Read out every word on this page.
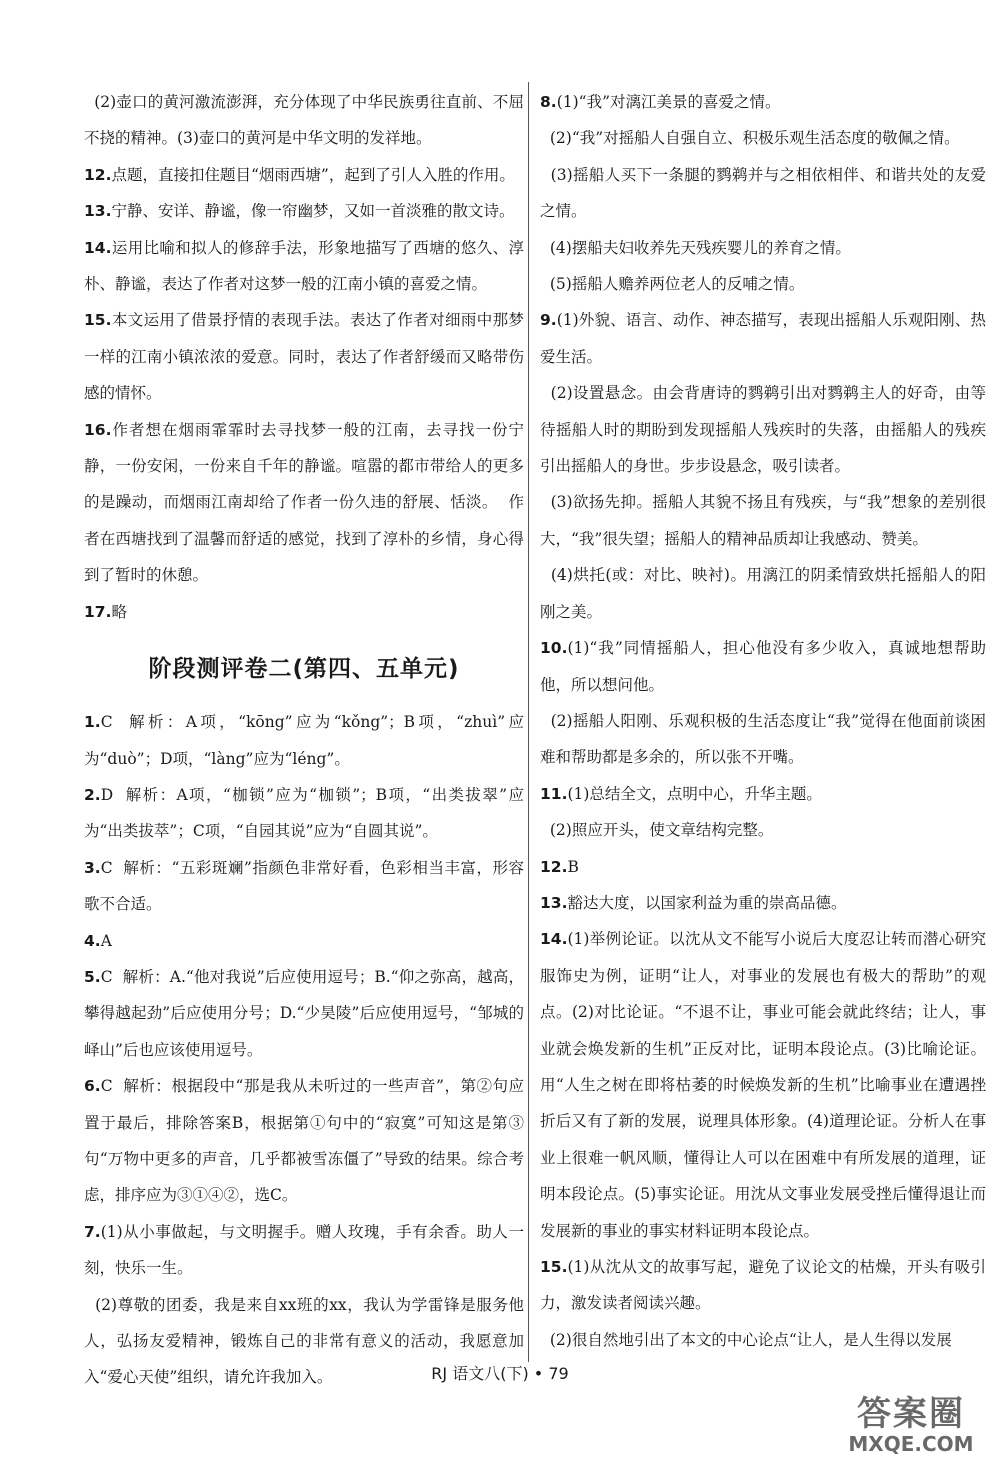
(2)壶口的黄河激流澎湃，充分体现了中华民族勇往直前、不屈不挠的精神。(3)壶口的黄河是中华文明的发祥地。

12.点题，直接扣住题目“烟雨西塘”，起到了引人入胜的作用。

13.宁静、安详、静谧，像一帘幽梦，又如一首淡雅的散文诗。

14.运用比喻和拟人的修辞手法，形象地描写了西塘的悠久、淳朴、静谧，表达了作者对这梦一般的江南小镇的喜爱之情。

15.本文运用了借景抒情的表现手法。表达了作者对细雨中那梦一样的江南小镇浓浓的爱意。同时，表达了作者舒缓而又略带伤感的情怀。

16.作者想在烟雨霏霏时去寻找梦一般的江南，去寻找一份宁静，一份安闲，一份来自千年的静谧。喧嚣的都市带给人的更多的是躁动，而烟雨江南却给了作者一份久违的舒展、恬淡。  作者在西塘找到了温馨而舒适的感觉，找到了淳朴的乡情，身心得到了暂时的休憩。

17.略

阶段测评卷二(第四、五单元)

1.C  解析：A项，“kōng”应为“kǒng”；B项，“zhuì”应为“duò”；D项，“làng”应为“léng”。

2.D  解析：A项，“枷锁”应为“枷锁”；B项，“出类拔翠”应为“出类拔萃”；C项，“自园其说”应为“自圆其说”。

3.C  解析：“五彩斑斓”指颜色非常好看，色彩相当丰富，形容歌不合适。

4.A

5.C  解析：A.“他对我说”后应使用逗号；B.“仰之弥高，越高，攀得越起劲”后应使用分号；D.“少昊陵”后应使用逗号，“邹城的峄山”后也应该使用逗号。

6.C  解析：根据段中“那是我从未听过的一些声音”，第②句应置于最后，排除答案B，根据第①句中的“寂寞”可知这是第③句“万物中更多的声音，几乎都被雪冻僵了”导致的结果。综合考虑，排序应为③①④②，选C。

7.(1)从小事做起，与文明握手。赠人玫瑰，手有余香。助人一刻，快乐一生。

(2)尊敬的团委，我是来自xx班的xx，我认为学雷锋是服务他人，弘扬友爱精神，锻炼自己的非常有意义的活动，我愿意加入“爱心天使”组织，请允许我加入。

8.(1)“我”对漓江美景的喜爱之情。

(2)“我”对摇船人自强自立、积极乐观生活态度的敬佩之情。

(3)摇船人买下一条腿的鹨鹈并与之相依相伴、和谐共处的友爱之情。

(4)摆船夫妇收养先天残疾婴儿的养育之情。

(5)摇船人赡养两位老人的反哺之情。

9.(1)外貌、语言、动作、神态描写，表现出摇船人乐观阳刚、热爱生活。

(2)设置悬念。由会背唐诗的鹨鹈引出对鹨鹈主人的好奇，由等待摇船人时的期盼到发现摇船人残疾时的失落，由摇船人的残疾引出摇船人的身世。步步设悬念，吸引读者。

(3)欲扬先抑。摇船人其貌不扬且有残疾，与“我”想象的差别很大，“我”很失望；摇船人的精神品质却让我感动、赞美。

(4)烘托(或：对比、映衬)。用漓江的阴柔情致烘托摇船人的阳刚之美。

10.(1)“我”同情摇船人，担心他没有多少收入，真诚地想帮助他，所以想问他。

(2)摇船人阳刚、乐观积极的生活态度让“我”觉得在他面前谈困难和帮助都是多余的，所以张不开嘴。

11.(1)总结全文，点明中心，升华主题。

(2)照应开头，使文章结构完整。

12.B

13.豁达大度，以国家利益为重的崇高品德。

14.(1)举例论证。以沈从文不能写小说后大度忍让转而潜心研究服饰史为例，证明“让人，对事业的发展也有极大的帮助”的观点。(2)对比论证。“不退不让，事业可能会就此终结；让人，事业就会焕发新的生机”正反对比，证明本段论点。(3)比喻论证。用“人生之树在即将枯萎的时候焕发新的生机”比喻事业在遭遇挫折后又有了新的发展，说理具体形象。(4)道理论证。分析人在事业上很难一帆风顺，懂得让人可以在困难中有所发展的道理，证明本段论点。(5)事实论证。用沈从文事业发展受挫后懂得退让而发展新的事业的事实材料证明本段论点。

15.(1)从沈从文的故事写起，避免了议论文的枯燥，开头有吸引力，激发读者阅读兴趣。

(2)很自然地引出了本文的中心论点“让人，是人生得以发展

RJ 语文八(下) • 79
答案圈
MXQE.COM
